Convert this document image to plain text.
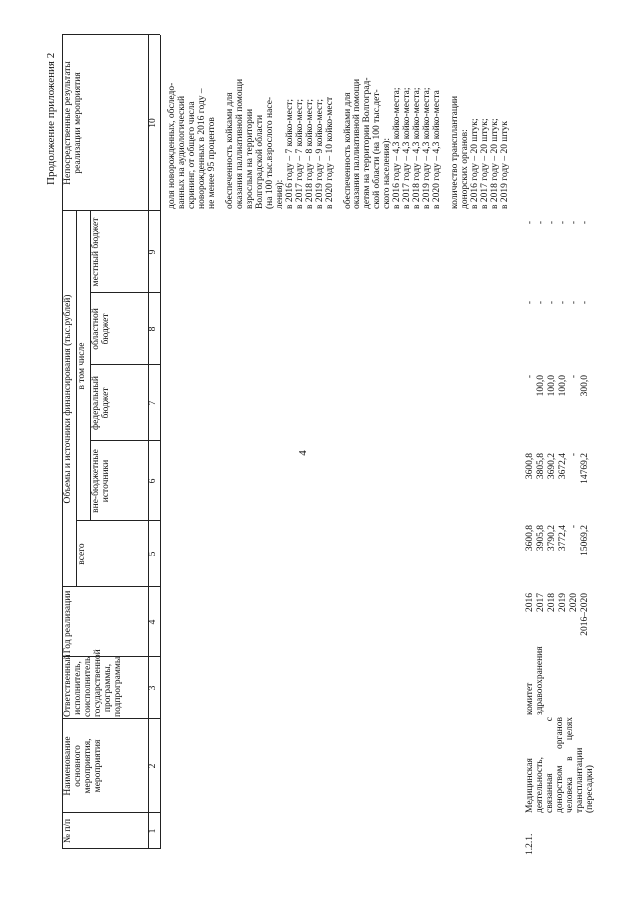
4
Продолжение приложения 2
№ п/п
Наименование основного мероприятия, мероприятия
Ответственный исполнитель, соисполнитель государственной программы, подпрограммы
Год реализации
Объемы и источники финансирования (тыс.рублей)
всего
в том числе
федеральный бюджет
областной бюджет
местный бюджет
вне-бюджетные источники
Непосредственные результаты реализации мероприятия
1
2
3
4
5
6
7
8
9
10 доля новорожденных, обследо- ванных на аудиологический скрининг, от общего числа новорожденных в 2016 году – не менее 95 процентов обеспеченность койками для оказания паллиативной помощи взрослым на территории Волгоградской области (на 100 тыс.взрослого насе- ления): в 2016 году – 7 койко-мест; в 2017 году – 7 койко-мест; в 2018 году – 8 койко-мест; в 2019 году – 9 койко-мест; в 2020 году – 10 койко-мест обеспеченность койками для оказания паллиативной помощи детям на территории Волгоград- ской области (на 100 тыс.дет- ского населения): в 2016 году – 4,3 койко-места; в 2017 году – 4,3 койко-места; в 2018 году – 4,3 койко-места; в 2019 году – 4,3 койко-места; в 2020 году – 4,3 койко-места количество трансплантации донорских органов: в 2016 году – 20 штук; в 2017 году – 20 штук; в 2018 году – 20 штук; в 2019 году – 20 штук

1.2.1.
Медицинская деятельность, связанная с донорством органов человека в целях трансплантации (пересадки)
комитет здравоохранения
2016 2017 2018 2019 2020 2016–2020
3600,8 3905,8 3790,2 3772,4 - 15069,2
3600,8 3805,8 3690,2 3672,4 - 14769,2
- 100,0 100,0 100,0 - 300,0
- - - - - -
- - - - - -
